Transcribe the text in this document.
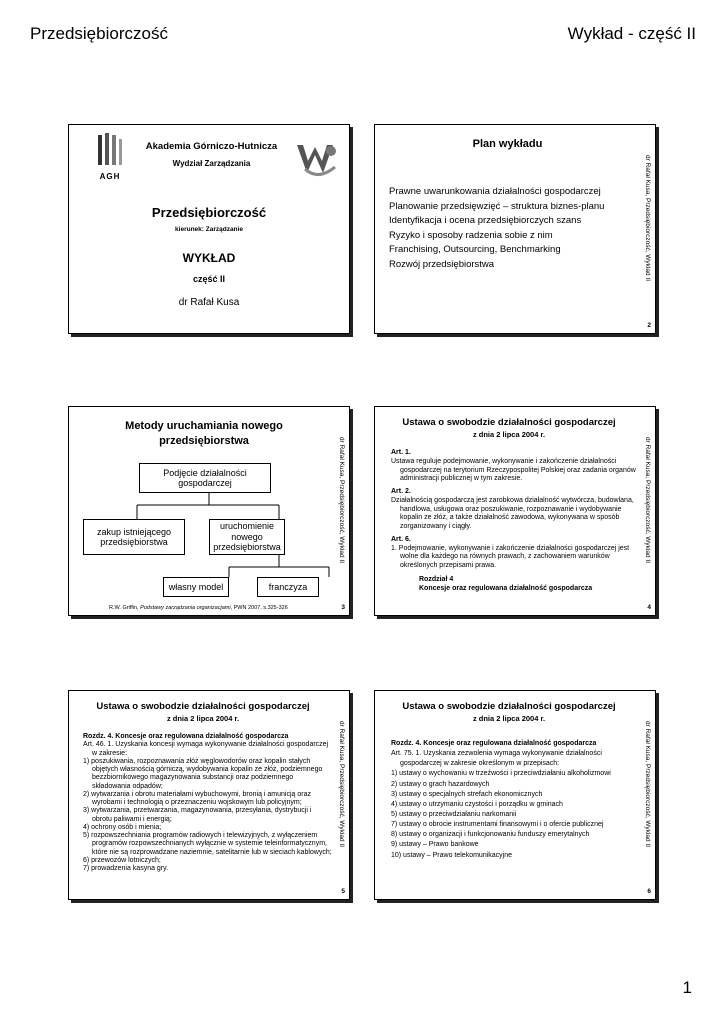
Przedsiębiorczość	Wykład - część II
AGH
Akademia Górniczo-Hutnicza
Wydział Zarządzania
Przedsiębiorczość
kierunek: Zarządzanie
WYKŁAD
część II
dr Rafał Kusa
Plan wykładu
Prawne uwarunkowania działalności gospodarczej
Planowanie przedsięwzięć – struktura biznes-planu
Identyfikacja i ocena przedsiębiorczych szans
Ryzyko i sposoby radzenia sobie z nim
Franchising, Outsourcing, Benchmarking
Rozwój przedsiębiorstwa	dr Rafał Kusa, Przedsiębiorczość, Wykład II
2
Metody uruchamiania nowego przedsiębiorstwa
Podjęcie działalności gospodarczej
zakup istniejącego przedsiębiorstwa
uruchomienie nowego przedsiębiorstwa
własny model	franczyza
R.W. Griffin, Podstawy zarządzania organizacjami, PWN 2007, s.325-326
dr Rafał Kusa, Przedsiębiorczość, Wykład II
3
Ustawa o swobodzie działalności gospodarczej
z dnia 2 lipca 2004 r.
Art. 1.
Ustawa reguluje podejmowanie, wykonywanie i zakończenie działalności gospodarczej na terytorium Rzeczypospolitej Polskiej oraz zadania organów administracji publicznej w tym zakresie.
Art. 2.
Działalnością gospodarczą jest zarobkowa działalność wytwórcza, budowlana, handlowa, usługowa oraz poszukiwanie, rozpoznawanie i wydobywanie kopalin ze złóż, a także działalność zawodowa, wykonywana w sposób zorganizowany i ciągły.
Art. 6.
1. Podejmowanie, wykonywanie i zakończenie działalności gospodarczej jest wolne dla każdego na równych prawach, z zachowaniem warunków określonych przepisami prawa.
Rozdział 4
Koncesje oraz regulowana działalność gospodarcza
dr Rafał Kusa, Przedsiębiorczość, Wykład II
4
Ustawa o swobodzie działalności gospodarczej
z dnia 2 lipca 2004 r.
Rozdz. 4. Koncesje oraz regulowana działalność gospodarcza
Art. 46. 1. Uzyskania koncesji wymaga wykonywanie działalności gospodarczej w zakresie:
1) poszukiwania, rozpoznawania złóż węglowodorów oraz kopalin stałych objętych własnością górniczą, wydobywania kopalin ze złóż, podziemnego bezzbiornikowego magazynowania substancji oraz podziemnego składowania odpadów;
2) wytwarzania i obrotu materiałami wybuchowymi, bronią i amunicją oraz wyrobami i technologią o przeznaczeniu wojskowym lub policyjnym;
3) wytwarzania, przetwarzania, magazynowania, przesyłania, dystrybucji i obrotu paliwami i energią;
4) ochrony osób i mienia;
5) rozpowszechniania programów radiowych i telewizyjnych, z wyłączeniem programów rozpowszechnianych wyłącznie w systemie teleinformatycznym, które nie są rozprowadzane naziemnie, satelitarnie lub w sieciach kablowych;
6) przewozów lotniczych;
7) prowadzenia kasyna gry.
dr Rafał Kusa, Przedsiębiorczość, Wykład II
5
Ustawa o swobodzie działalności gospodarczej
z dnia 2 lipca 2004 r.
Rozdz. 4. Koncesje oraz regulowana działalność gospodarcza
Art. 75. 1. Uzyskania zezwolenia wymaga wykonywanie działalności gospodarczej w zakresie określonym w przepisach:
1) ustawy o wychowaniu w trzeźwości i przeciwdziałaniu alkoholizmowi
2) ustawy o grach hazardowych
3) ustawy o specjalnych strefach ekonomicznych
4) ustawy o utrzymaniu czystości i porządku w gminach
5) ustawy o przeciwdziałaniu narkomanii
7) ustawy o obrocie instrumentami finansowymi i o ofercie publicznej
8) ustawy o organizacji i funkcjonowaniu funduszy emerytalnych
9) ustawy – Prawo bankowe
10) ustawy – Prawo telekomunikacyjne
dr Rafał Kusa, Przedsiębiorczość, Wykład II
6
1
